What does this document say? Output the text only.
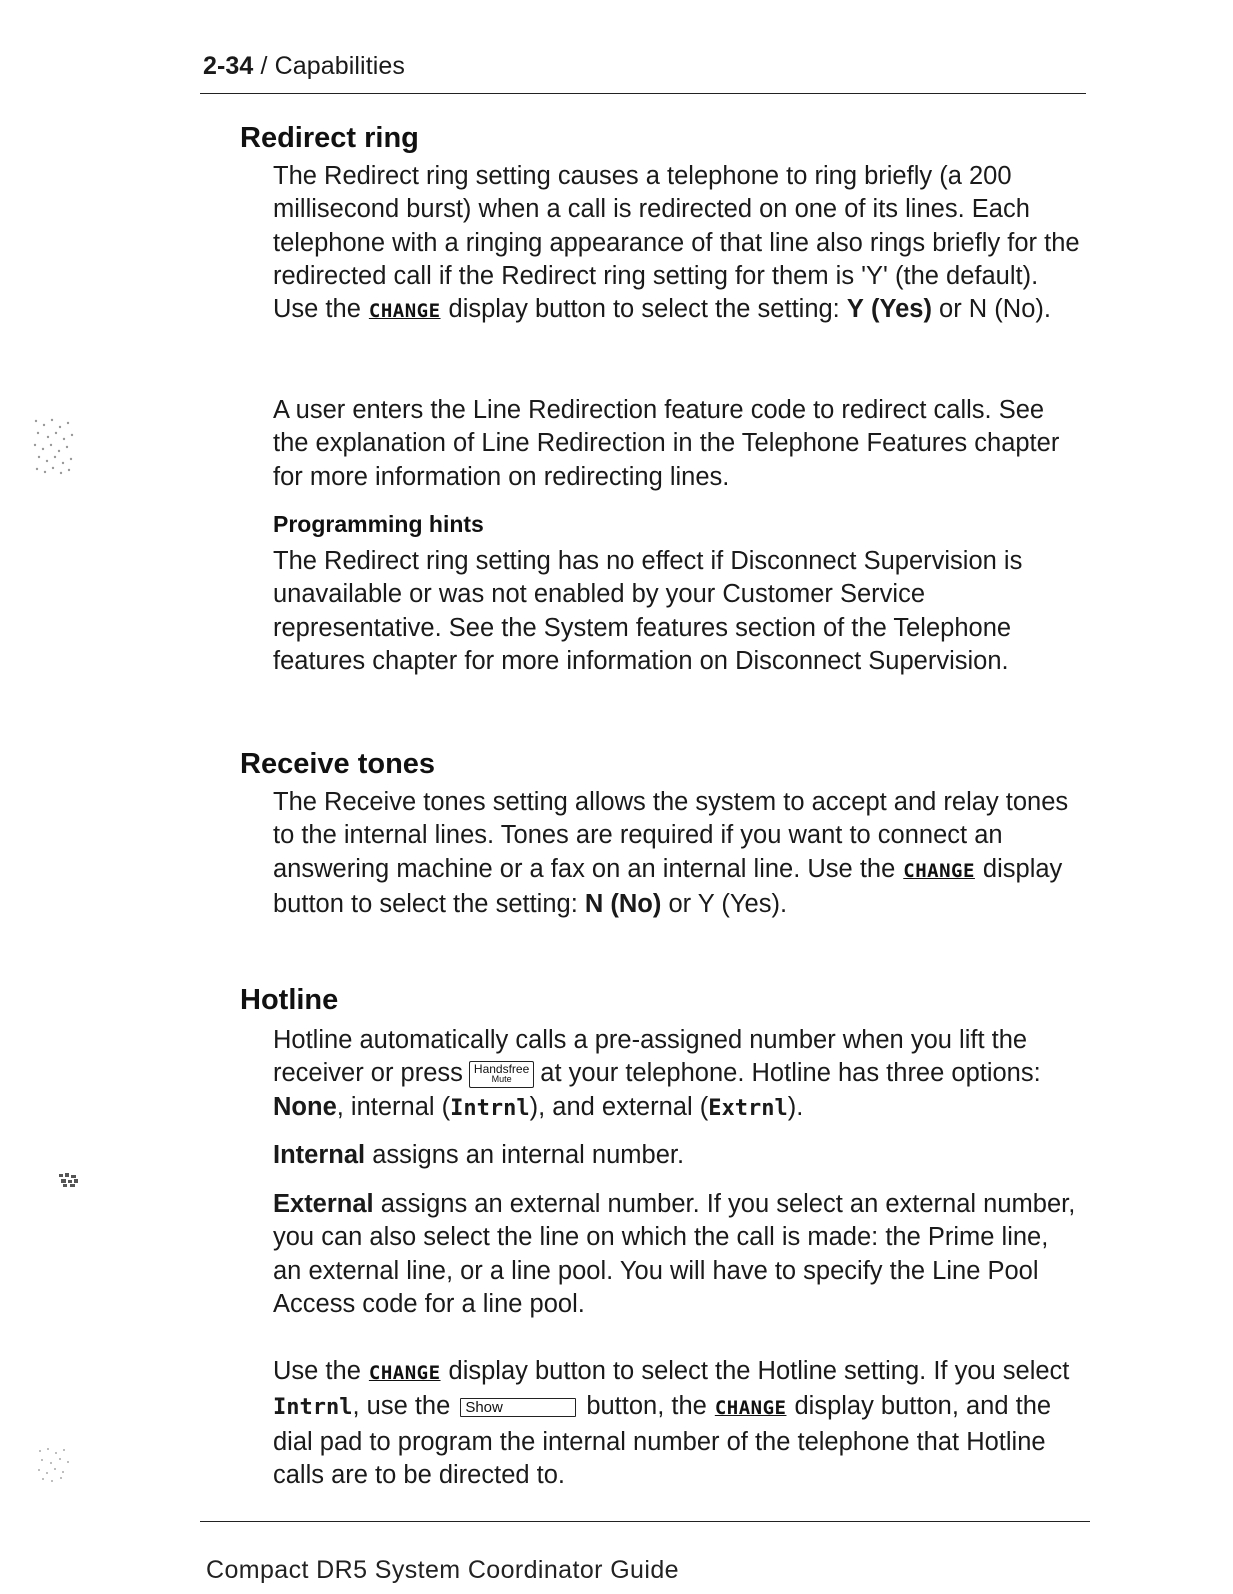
2-34 / Capabilities
Redirect ring

The Redirect ring setting causes a telephone to ring briefly (a 200 millisecond burst) when a call is redirected on one of its lines. Each telephone with a ringing appearance of that line also rings briefly for the redirected call if the Redirect ring setting for them is 'Y' (the default). Use the CHANGE display button to select the setting: Y (Yes) or N (No).

A user enters the Line Redirection feature code to redirect calls. See the explanation of Line Redirection in the Telephone Features chapter for more information on redirecting lines.

Programming hints

The Redirect ring setting has no effect if Disconnect Supervision is unavailable or was not enabled by your Customer Service representative. See the System features section of the Telephone features chapter for more information on Disconnect Supervision.

Receive tones

The Receive tones setting allows the system to accept and relay tones to the internal lines. Tones are required if you want to connect an answering machine or a fax on an internal line. Use the CHANGE display button to select the setting: N (No) or Y (Yes).

Hotline

Hotline automatically calls a pre-assigned number when you lift the receiver or press Handsfree
Mute	at your telephone. Hotline has three options: None, internal (Intrnl), and external (Extrnl).

Internal assigns an internal number.

External assigns an external number. If you select an external number, you can also select the line on which the call is made: the Prime line, an external line, or a line pool. You will have to specify the Line Pool Access code for a line pool.

Use the CHANGE display button to select the Hotline setting. If you select Intrnl, use the Show	button, the CHANGE display button, and the dial pad to program the internal number of the telephone that Hotline calls are to be directed to.

Compact DR5 System Coordinator Guide
